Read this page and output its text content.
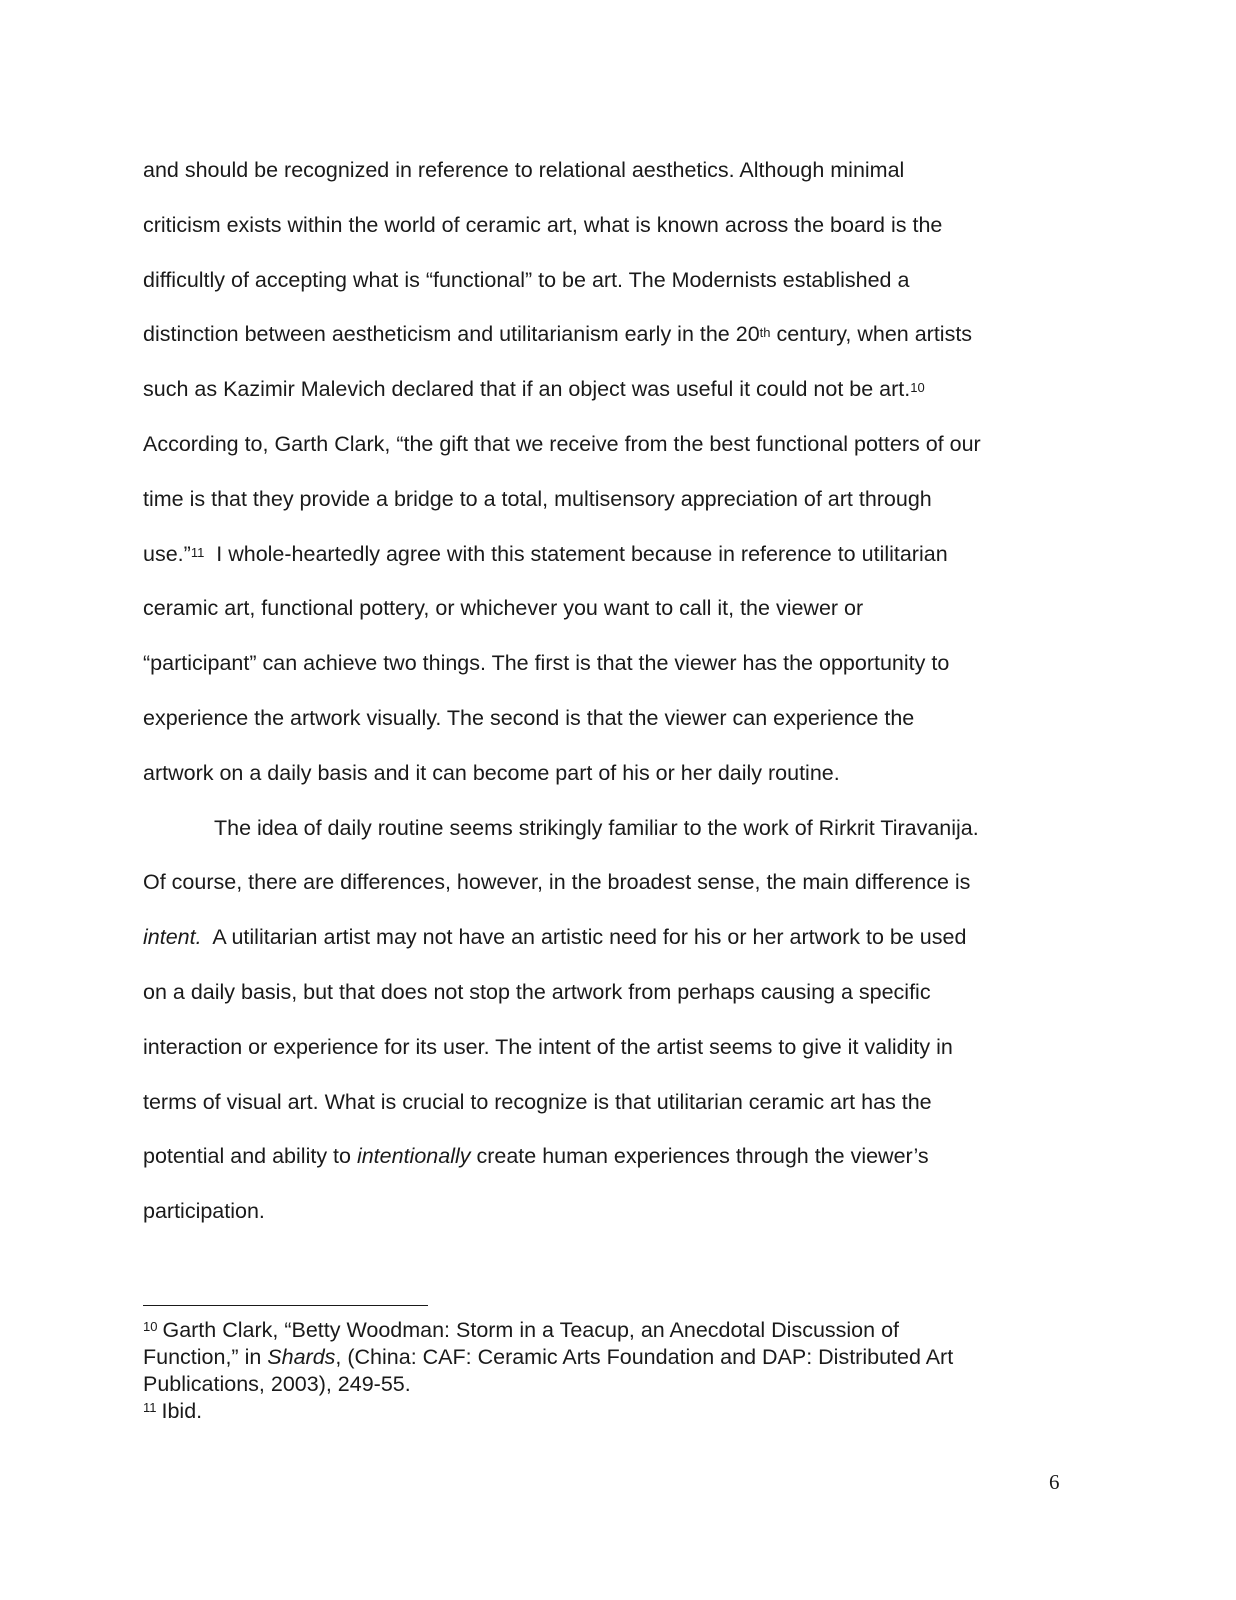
and should be recognized in reference to relational aesthetics. Although minimal
criticism exists within the world of ceramic art, what is known across the board is the
difficultly of accepting what is “functional” to be art. The Modernists established a
distinction between aestheticism and utilitarianism early in the 20th century, when artists
such as Kazimir Malevich declared that if an object was useful it could not be art.$^{10}$
According to, Garth Clark, “the gift that we receive from the best functional potters of our
time is that they provide a bridge to a total, multisensory appreciation of art through
use.”$^{11}$  I whole-heartedly agree with this statement because in reference to utilitarian
ceramic art, functional pottery, or whichever you want to call it, the viewer or
“participant” can achieve two things. The first is that the viewer has the opportunity to
experience the artwork visually. The second is that the viewer can experience the
artwork on a daily basis and it can become part of his or her daily routine.
The idea of daily routine seems strikingly familiar to the work of Rirkrit Tiravanija.
Of course, there are differences, however, in the broadest sense, the main difference is
intent.  A utilitarian artist may not have an artistic need for his or her artwork to be used
on a daily basis, but that does not stop the artwork from perhaps causing a specific
interaction or experience for its user. The intent of the artist seems to give it validity in
terms of visual art. What is crucial to recognize is that utilitarian ceramic art has the
potential and ability to intentionally create human experiences through the viewer’s
participation.
$^{10}$ Garth Clark, “Betty Woodman: Storm in a Teacup, an Anecdotal Discussion of
Function,” in Shards, (China: CAF: Ceramic Arts Foundation and DAP: Distributed Art
Publications, 2003), 249-55.
$^{11}$ Ibid.
6
